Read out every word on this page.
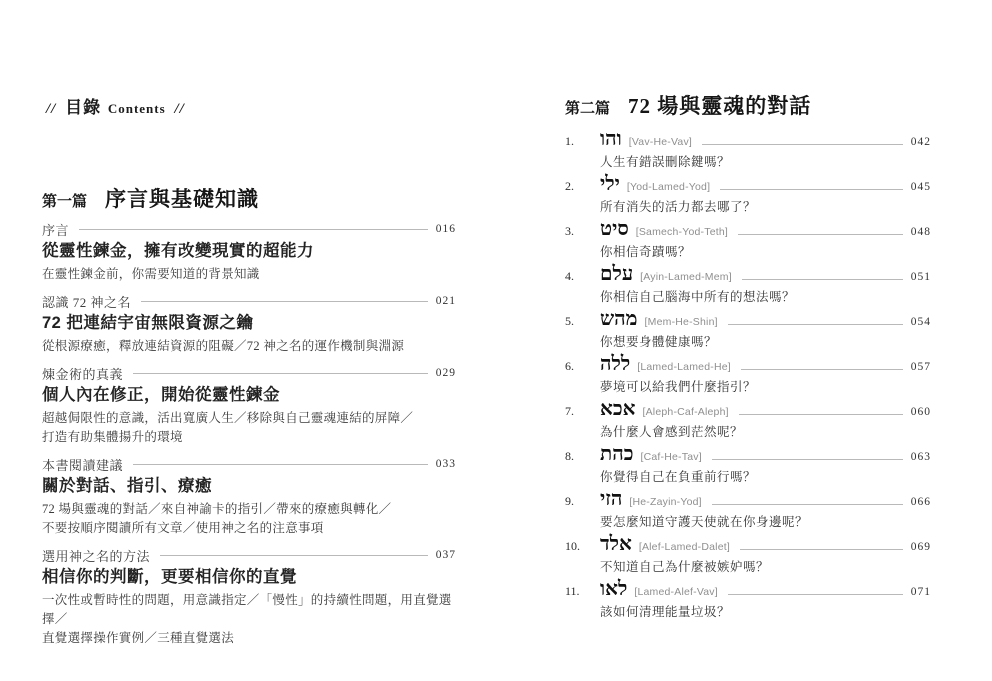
// 目錄 Contents //
第一篇 序言與基礎知識
序言	016
從靈性鍊金，擁有改變現實的超能力
在靈性鍊金前，你需要知道的背景知識
認識 72 神之名	021
72 把連結宇宙無限資源之鑰
從根源療癒，釋放連結資源的阻礙／72 神之名的運作機制與淵源
煉金術的真義	029
個人內在修正，開始從靈性鍊金
超越侷限性的意識，活出寬廣人生／移除與自己靈魂連結的屏障／
打造有助集體揚升的環境
本書閱讀建議	033
關於對話、指引、療癒
72 場與靈魂的對話／來自神諭卡的指引／帶來的療癒與轉化／
不要按順序閱讀所有文章／使用神之名的注意事項
選用神之名的方法	037
相信你的判斷，更要相信你的直覺
一次性或暫時性的問題，用意識指定／「慢性」的持續性問題，用直覺選擇／
直覺選擇操作實例／三種直覺選法
第二篇 72 場與靈魂的對話
1.	והו [Vav-He-Vav]	042
人生有錯誤刪除鍵嗎？
2.	ילי [Yod-Lamed-Yod]	045
所有消失的活力都去哪了？
3.	סיט [Samech-Yod-Teth]	048
你相信奇蹟嗎？
4.	עלם [Ayin-Lamed-Mem]	051
你相信自己腦海中所有的想法嗎？
5.	מהש [Mem-He-Shin]	054
你想要身體健康嗎？
6.	ללה [Lamed-Lamed-He]	057
夢境可以給我們什麼指引？
7.	אכא [Aleph-Caf-Aleph]	060
為什麼人會感到茫然呢？
8.	כהת [Caf-He-Tav]	063
你覺得自己在負重前行嗎？
9.	הזי [He-Zayin-Yod]	066
要怎麼知道守護天使就在你身邊呢？
10.	אלד [Alef-Lamed-Dalet]	069
不知道自己為什麼被嫉妒嗎？
11.	לאו [Lamed-Alef-Vav]	071
該如何清理能量垃圾？
